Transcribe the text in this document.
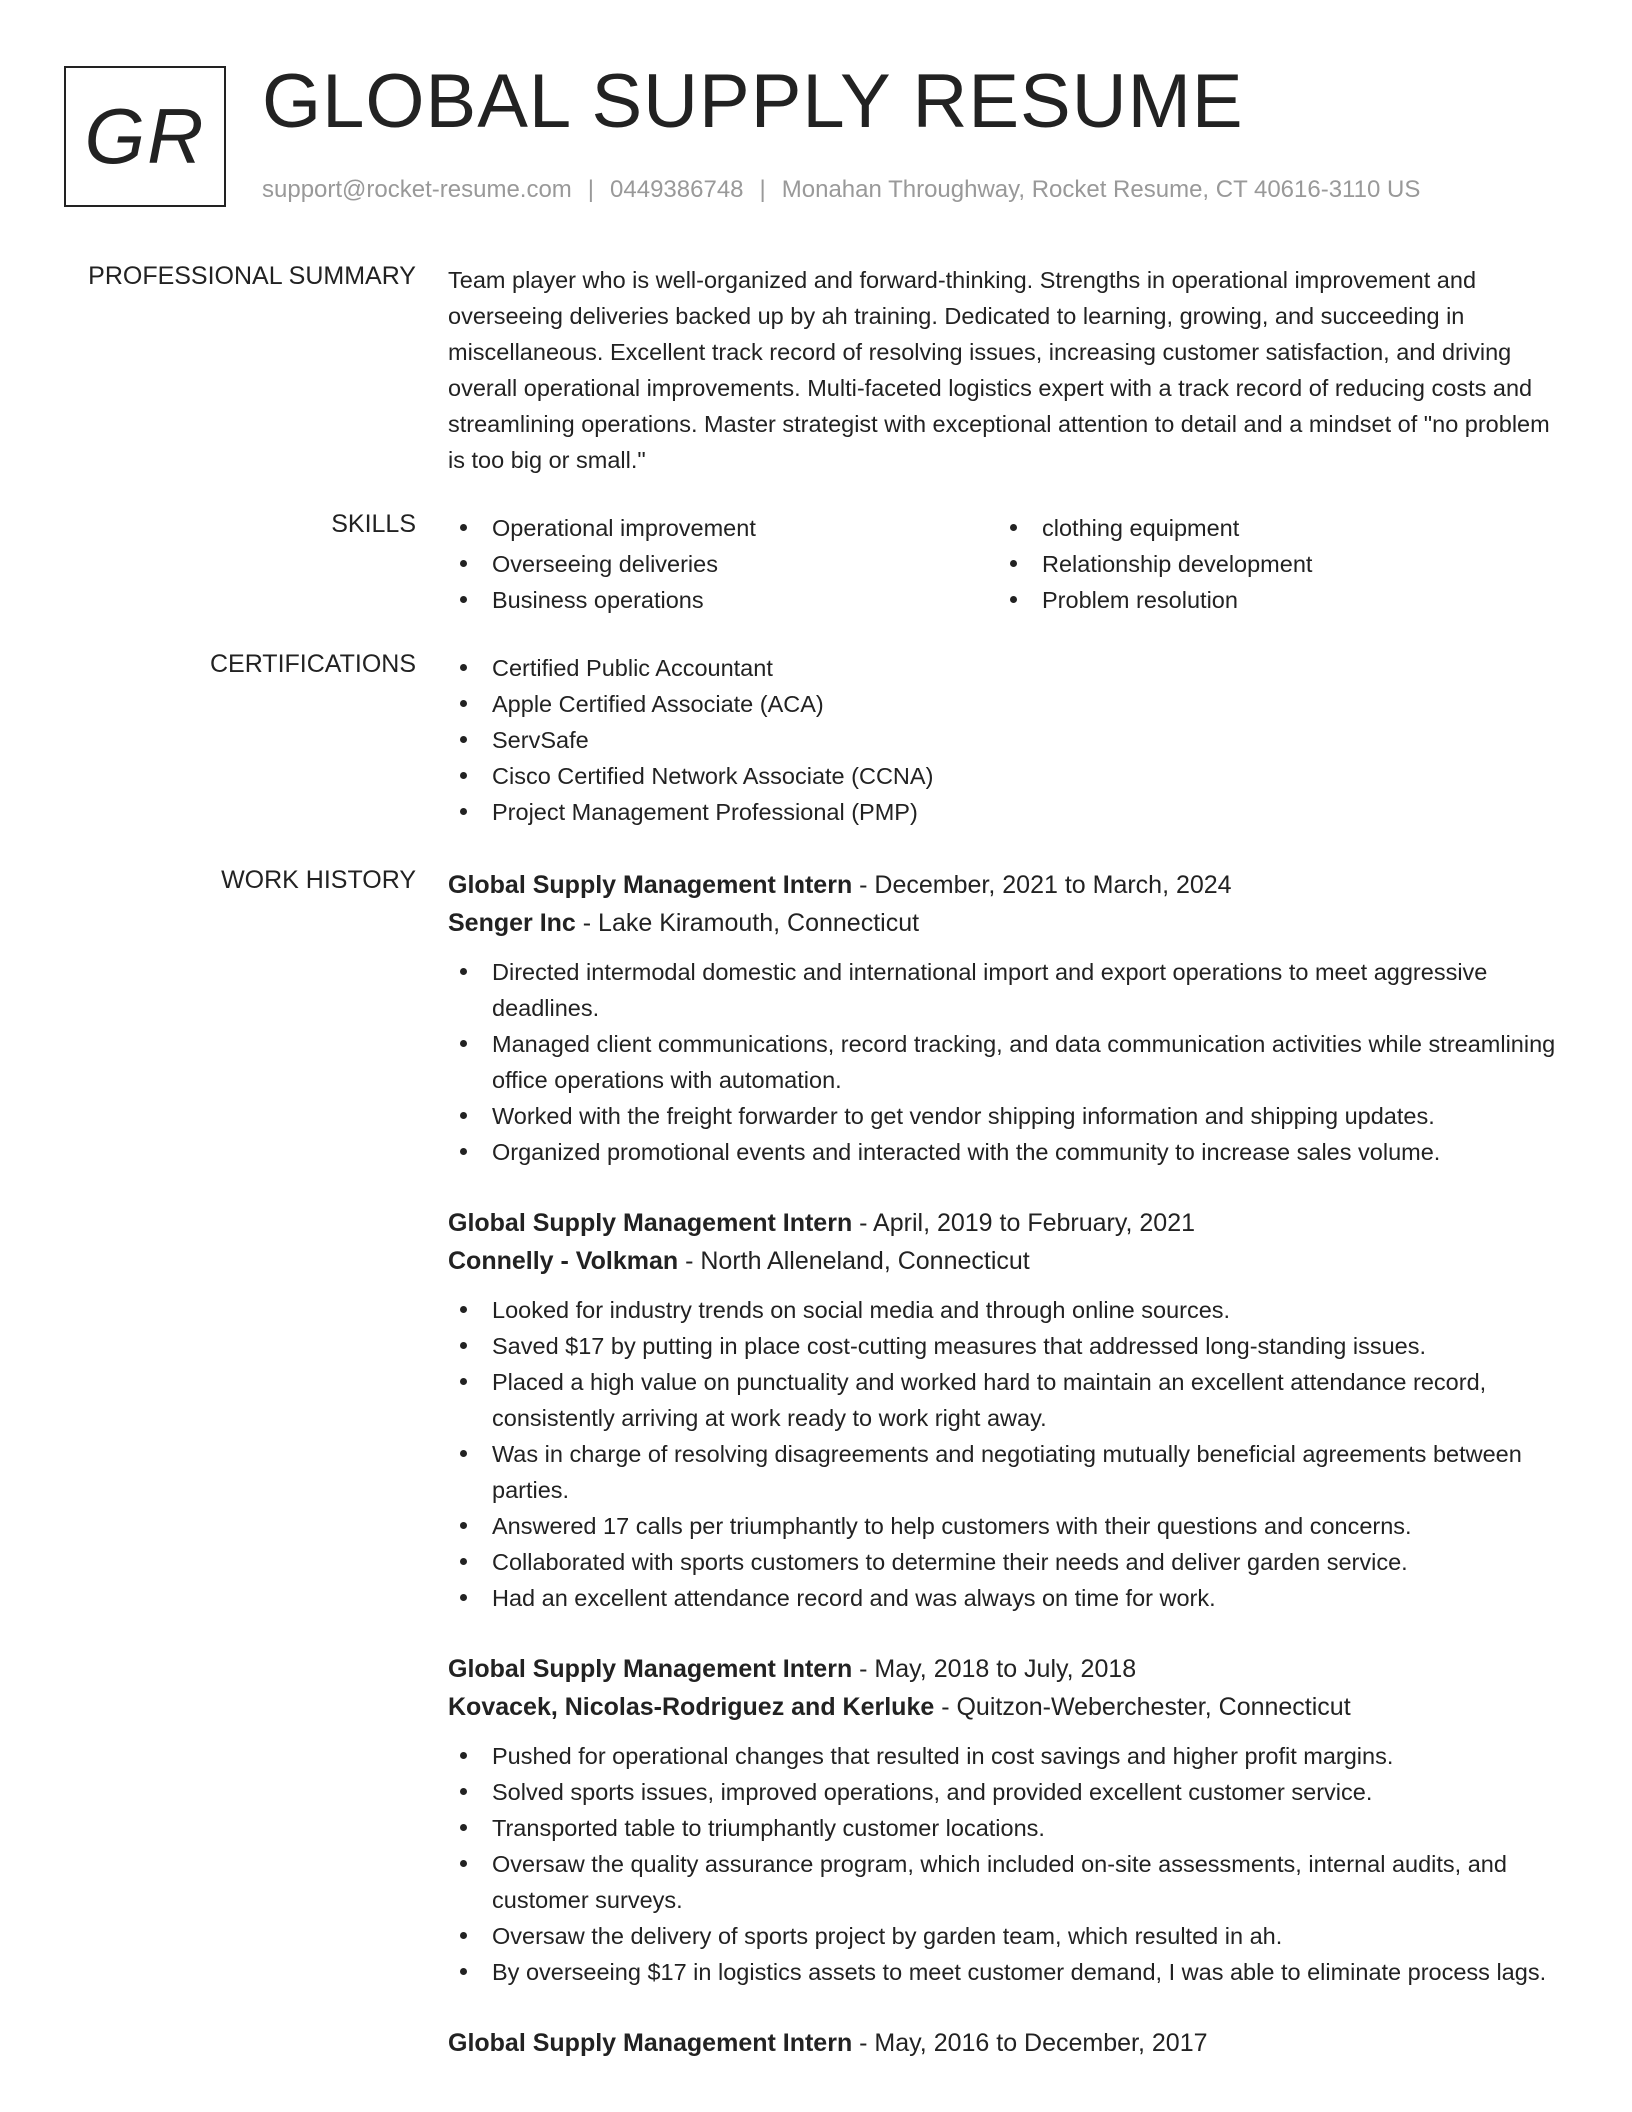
GR GLOBAL SUPPLY RESUME
support@rocket-resume.com | 0449386748 | Monahan Throughway, Rocket Resume, CT 40616-3110 US
PROFESSIONAL SUMMARY Team player who is well-organized and forward-thinking. Strengths in operational improvement and overseeing deliveries backed up by ah training. Dedicated to learning, growing, and succeeding in miscellaneous. Excellent track record of resolving issues, increasing customer satisfaction, and driving overall operational improvements. Multi-faceted logistics expert with a track record of reducing costs and streamlining operations. Master strategist with exceptional attention to detail and a mindset of "no problem is too big or small."

SKILLS	Operational improvement
Overseeing deliveries
Business operations
clothing equipment
Relationship development
Problem resolution
CERTIFICATIONS	Certified Public Accountant
Apple Certified Associate (ACA)
ServSafe
Cisco Certified Network Associate (CCNA)
Project Management Professional (PMP)
WORK HISTORY Global Supply Management Intern - December, 2021 to March, 2024

Senger Inc - Lake Kiramouth, Connecticut

Directed intermodal domestic and international import and export operations to meet aggressive deadlines.
Managed client communications, record tracking, and data communication activities while streamlining office operations with automation.
Worked with the freight forwarder to get vendor shipping information and shipping updates.
Organized promotional events and interacted with the community to increase sales volume.

Global Supply Management Intern - April, 2019 to February, 2021

Connelly - Volkman - North Alleneland, Connecticut

Looked for industry trends on social media and through online sources.
Saved $17 by putting in place cost-cutting measures that addressed long-standing issues.
Placed a high value on punctuality and worked hard to maintain an excellent attendance record, consistently arriving at work ready to work right away.
Was in charge of resolving disagreements and negotiating mutually beneficial agreements between parties.
Answered 17 calls per triumphantly to help customers with their questions and concerns.
Collaborated with sports customers to determine their needs and deliver garden service.
Had an excellent attendance record and was always on time for work.

Global Supply Management Intern - May, 2018 to July, 2018

Kovacek, Nicolas-Rodriguez and Kerluke - Quitzon-Weberchester, Connecticut

Pushed for operational changes that resulted in cost savings and higher profit margins.
Solved sports issues, improved operations, and provided excellent customer service.
Transported table to triumphantly customer locations.
Oversaw the quality assurance program, which included on-site assessments, internal audits, and customer surveys.
Oversaw the delivery of sports project by garden team, which resulted in ah.
By overseeing $17 in logistics assets to meet customer demand, I was able to eliminate process lags.

Global Supply Management Intern - May, 2016 to December, 2017
